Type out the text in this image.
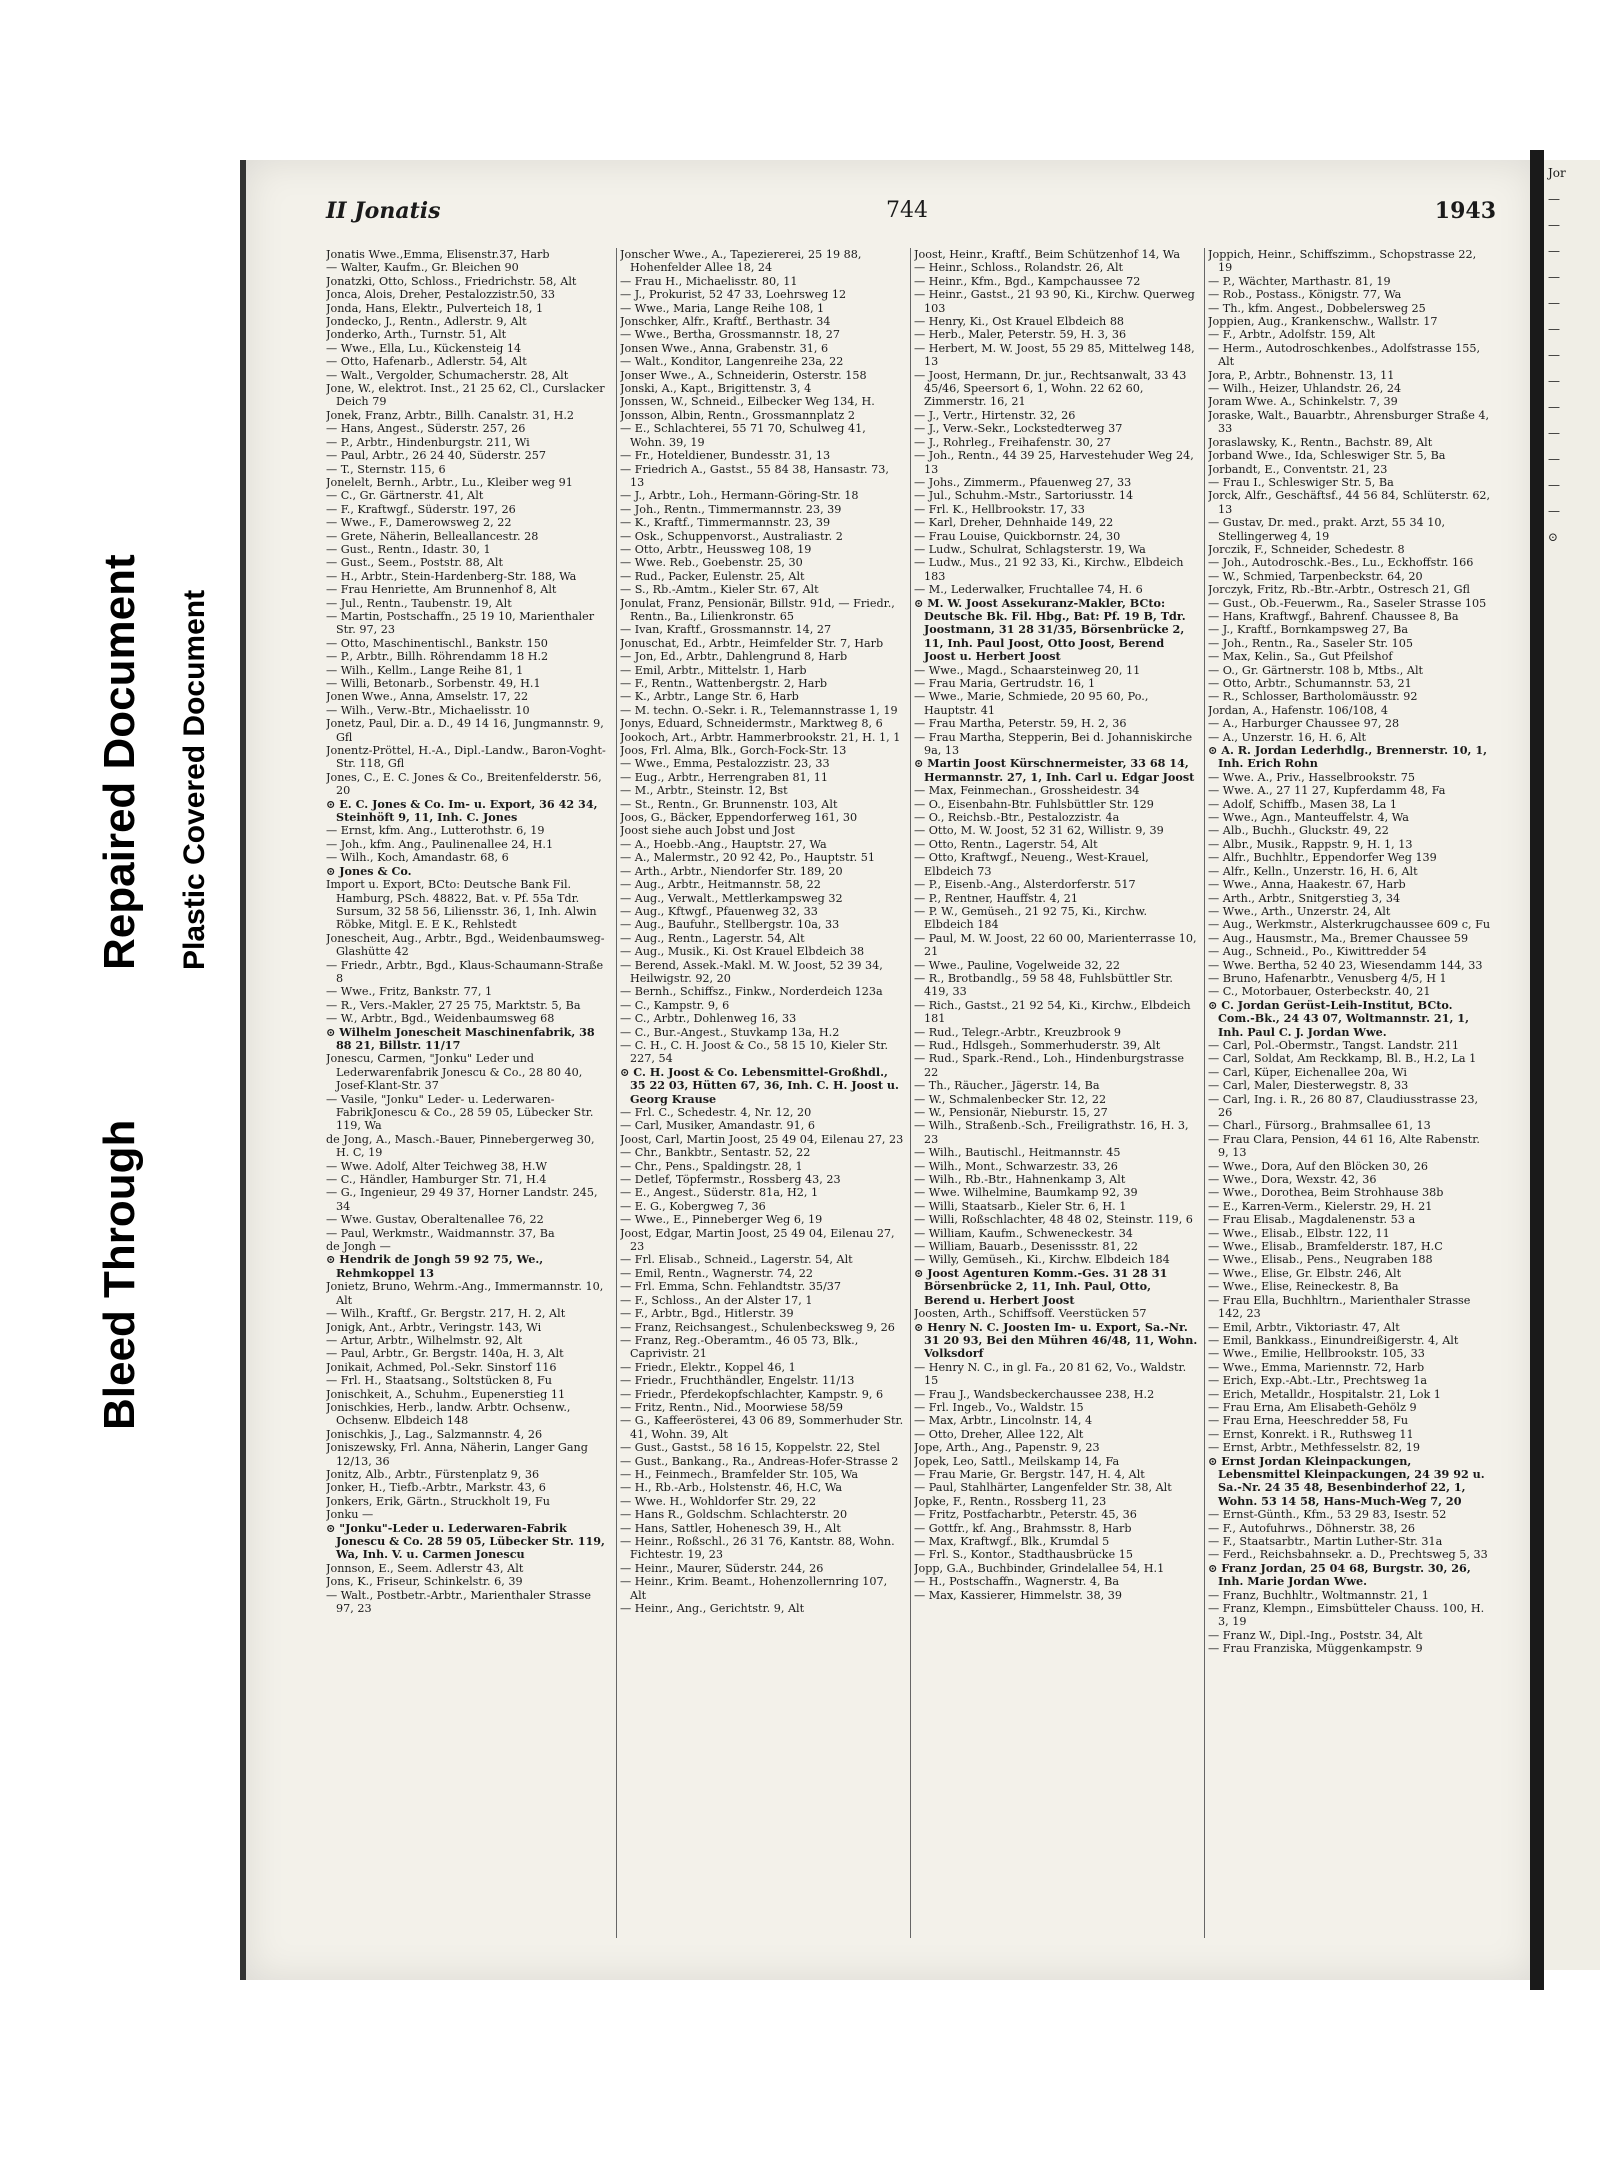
Bleed Through
Repaired Document Plastic Covered Document
II Jonatis	744	1943

Jonatis Wwe.,Emma, Elisenstr.37, Harb

— Walter, Kaufm., Gr. Bleichen 90

Jonatzki, Otto, Schloss., Friedrichstr. 58, Alt

Jonca, Alois, Dreher, Pestalozzistr.50, 33

Jonda, Hans, Elektr., Pulverteich 18, 1

Jondecko, J., Rentn., Adlerstr. 9, Alt

Jonderko, Arth., Turnstr. 51, Alt

— Wwe., Ella, Lu., Kückensteig 14

— Otto, Hafenarb., Adlerstr. 54, Alt

— Walt., Vergolder, Schumacherstr. 28, Alt

Jone, W., elektrot. Inst., 21 25 62, Cl., Curslacker Deich 79

Jonek, Franz, Arbtr., Billh. Canalstr. 31, H.2

— Hans, Angest., Süderstr. 257, 26

— P., Arbtr., Hindenburgstr. 211, Wi

— Paul, Arbtr., 26 24 40, Süderstr. 257

— T., Sternstr. 115, 6

Jonelelt, Bernh., Arbtr., Lu., Kleiber weg 91

— C., Gr. Gärtnerstr. 41, Alt

— F., Kraftwgf., Süderstr. 197, 26

— Wwe., F., Damerowsweg 2, 22

— Grete, Näherin, Belleallancestr. 28

— Gust., Rentn., Idastr. 30, 1

— Gust., Seem., Poststr. 88, Alt

— H., Arbtr., Stein-Hardenberg-Str. 188, Wa

— Frau Henriette, Am Brunnenhof 8, Alt

— Jul., Rentn., Taubenstr. 19, Alt

— Martin, Postschaffn., 25 19 10, Marienthaler Str. 97, 23

— Otto, Maschinentischl., Bankstr. 150

— P., Arbtr., Billh. Röhrendamm 18 H.2

— Wilh., Kellm., Lange Reihe 81, 1

— Willi, Betonarb., Sorbenstr. 49, H.1

Jonen Wwe., Anna, Amselstr. 17, 22

— Wilh., Verw.-Btr., Michaelisstr. 10

Jonetz, Paul, Dir. a. D., 49 14 16, Jungmannstr. 9, Gfl

Jonentz-Pröttel, H.-A., Dipl.-Landw., Baron-Voght-Str. 118, Gfl

Jones, C., E. C. Jones & Co., Breitenfelderstr. 56, 20

⊙ E. C. Jones & Co. Im- u. Export, 36 42 34, Steinhöft 9, 11, Inh. C. Jones

— Ernst, kfm. Ang., Lutterothstr. 6, 19

— Joh., kfm. Ang., Paulinenallee 24, H.1

— Wilh., Koch, Amandastr. 68, 6

⊙ Jones & Co.

Import u. Export, BCto: Deutsche Bank Fil. Hamburg, PSch. 48822, Bat. v. Pf. 55a Tdr. Sursum, 32 58 56, Liliensstr. 36, 1, Inh. Alwin Röbke, Mitgl. E. E K., Rehlstedt

Jonescheit, Aug., Arbtr., Bgd., Weidenbaumsweg-Glashütte 42

— Friedr., Arbtr., Bgd., Klaus-Schaumann-Straße 8

— Wwe., Fritz, Bankstr. 77, 1

— R., Vers.-Makler, 27 25 75, Marktstr. 5, Ba

— W., Arbtr., Bgd., Weidenbaumsweg 68

⊙ Wilhelm Jonescheit Maschinenfabrik, 38 88 21, Billstr. 11/17

Jonescu, Carmen, "Jonku" Leder und Lederwarenfabrik Jonescu & Co., 28 80 40, Josef-Klant-Str. 37

— Vasile, "Jonku" Leder- u. Lederwaren-FabrikJonescu & Co., 28 59 05, Lübecker Str. 119, Wa

de Jong, A., Masch.-Bauer, Pinnebergerweg 30, H. C, 19

— Wwe. Adolf, Alter Teichweg 38, H.W

— C., Händler, Hamburger Str. 71, H.4

— G., Ingenieur, 29 49 37, Horner Landstr. 245, 34

— Wwe. Gustav, Oberaltenallee 76, 22

— Paul, Werkmstr., Waidmannstr. 37, Ba

de Jongh —

⊙ Hendrik de Jongh 59 92 75, We., Rehmkoppel 13

Jonietz, Bruno, Wehrm.-Ang., Immermannstr. 10, Alt

— Wilh., Kraftf., Gr. Bergstr. 217, H. 2, Alt

Jonigk, Ant., Arbtr., Veringstr. 143, Wi

— Artur, Arbtr., Wilhelmstr. 92, Alt

— Paul, Arbtr., Gr. Bergstr. 140a, H. 3, Alt

Jonikait, Achmed, Pol.-Sekr. Sinstorf 116

— Frl. H., Staatsang., Soltstücken 8, Fu

Jonischkeit, A., Schuhm., Eupenerstieg 11

Jonischkies, Herb., landw. Arbtr. Ochsenw., Ochsenw. Elbdeich 148

Jonischkis, J., Lag., Salzmannstr. 4, 26

Joniszewsky, Frl. Anna, Näherin, Langer Gang 12/13, 36

Jonitz, Alb., Arbtr., Fürstenplatz 9, 36

Jonker, H., Tiefb.-Arbtr., Markstr. 43, 6

Jonkers, Erik, Gärtn., Struckholt 19, Fu

Jonku —

⊙ "Jonku"-Leder u. Lederwaren-Fabrik Jonescu & Co. 28 59 05, Lübecker Str. 119, Wa, Inh. V. u. Carmen Jonescu

Jonnson, E., Seem. Adlerstr 43, Alt

Jons, K., Friseur, Schinkelstr. 6, 39

— Walt., Postbetr.-Arbtr., Marienthaler Strasse 97, 23

Jonscher Wwe., A., Tapeziererei, 25 19 88, Hohenfelder Allee 18, 24

— Frau H., Michaelisstr. 80, 11

— J., Prokurist, 52 47 33, Loehrsweg 12

— Wwe., Maria, Lange Reihe 108, 1

Jonschker, Alfr., Kraftf., Berthastr. 34

— Wwe., Bertha, Grossmannstr. 18, 27

Jonsen Wwe., Anna, Grabenstr. 31, 6

— Walt., Konditor, Langenreihe 23a, 22

Jonser Wwe., A., Schneiderin, Osterstr. 158

Jonski, A., Kapt., Brigittenstr. 3, 4

Jonssen, W., Schneid., Eilbecker Weg 134, H.

Jonsson, Albin, Rentn., Grossmannplatz 2

— E., Schlachterei, 55 71 70, Schulweg 41, Wohn. 39, 19

— Fr., Hoteldiener, Bundesstr. 31, 13

— Friedrich A., Gastst., 55 84 38, Hansastr. 73, 13

— J., Arbtr., Loh., Hermann-Göring-Str. 18

— Joh., Rentn., Timmermannstr. 23, 39

— K., Kraftf., Timmermannstr. 23, 39

— Osk., Schuppenvorst., Australiastr. 2

— Otto, Arbtr., Heussweg 108, 19

— Wwe. Reb., Goebenstr. 25, 30

— Rud., Packer, Eulenstr. 25, Alt

— S., Rb.-Amtm., Kieler Str. 67, Alt

Jonulat, Franz, Pensionär, Billstr. 91d, — Friedr., Rentn., Ba., Lilienkronstr. 65

— Ivan, Kraftf., Grossmannstr. 14, 27

Jonuschat, Ed., Arbtr., Heimfelder Str. 7, Harb

— Jon, Ed., Arbtr., Dahlengrund 8, Harb

— Emil, Arbtr., Mittelstr. 1, Harb

— F., Rentn., Wattenbergstr. 2, Harb

— K., Arbtr., Lange Str. 6, Harb

— M. techn. O.-Sekr. i. R., Telemannstrasse 1, 19

Jonys, Eduard, Schneidermstr., Marktweg 8, 6

Jookoch, Art., Arbtr. Hammerbrookstr. 21, H. 1, 1

Joos, Frl. Alma, Blk., Gorch-Fock-Str. 13

— Wwe., Emma, Pestalozzistr. 23, 33

— Eug., Arbtr., Herrengraben 81, 11

— M., Arbtr., Steinstr. 12, Bst

— St., Rentn., Gr. Brunnenstr. 103, Alt

Joos, G., Bäcker, Eppendorferweg 161, 30

Joost siehe auch Jobst und Jost

— A., Hoebb.-Ang., Hauptstr. 27, Wa

— A., Malermstr., 20 92 42, Po., Hauptstr. 51

— Arth., Arbtr., Niendorfer Str. 189, 20

— Aug., Arbtr., Heitmannstr. 58, 22

— Aug., Verwalt., Mettlerkampsweg 32

— Aug., Kftwgf., Pfauenweg 32, 33

— Aug., Baufuhr., Stellbergstr. 10a, 33

— Aug., Rentn., Lagerstr. 54, Alt

— Aug., Musik., Ki. Ost Krauel Elbdeich 38

— Berend, Assek.-Makl. M. W. Joost, 52 39 34, Heilwigstr. 92, 20

— Bernh., Schiffsz., Finkw., Norderdeich 123a

— C., Kampstr. 9, 6

— C., Arbtr., Dohlenweg 16, 33

— C., Bur.-Angest., Stuvkamp 13a, H.2

— C. H., C. H. Joost & Co., 58 15 10, Kieler Str. 227, 54

⊙ C. H. Joost & Co. Lebensmittel-Großhdl., 35 22 03, Hütten 67, 36, Inh. C. H. Joost u. Georg Krause

— Frl. C., Schedestr. 4, Nr. 12, 20

— Carl, Musiker, Amandastr. 91, 6

Joost, Carl, Martin Joost, 25 49 04, Eilenau 27, 23

— Chr., Bankbtr., Sentastr. 52, 22

— Chr., Pens., Spaldingstr. 28, 1

— Detlef, Töpfermstr., Rossberg 43, 23

— E., Angest., Süderstr. 81a, H2, 1

— E. G., Kobergweg 7, 36

— Wwe., E., Pinneberger Weg 6, 19

Joost, Edgar, Martin Joost, 25 49 04, Eilenau 27, 23

— Frl. Elisab., Schneid., Lagerstr. 54, Alt

— Emil, Rentn., Wagnerstr. 74, 22

— Frl. Emma, Schn. Fehlandtstr. 35/37

— F., Schloss., An der Alster 17, 1

— F., Arbtr., Bgd., Hitlerstr. 39

— Franz, Reichsangest., Schulenbecksweg 9, 26

— Franz, Reg.-Oberamtm., 46 05 73, Blk., Caprivistr. 21

— Friedr., Elektr., Koppel 46, 1

— Friedr., Fruchthändler, Engelstr. 11/13

— Friedr., Pferdekopfschlachter, Kampstr. 9, 6

— Fritz, Rentn., Nid., Moorwiese 58/59

— G., Kaffeerösterei, 43 06 89, Sommerhuder Str. 41, Wohn. 39, Alt

— Gust., Gastst., 58 16 15, Koppelstr. 22, Stel

— Gust., Bankang., Ra., Andreas-Hofer-Strasse 2

— H., Feinmech., Bramfelder Str. 105, Wa

— H., Rb.-Arb., Holstenstr. 46, H.C, Wa

— Wwe. H., Wohldorfer Str. 29, 22

— Hans R., Goldschm. Schlachterstr. 20

— Hans, Sattler, Hohenesch 39, H., Alt

— Heinr., Roßschl., 26 31 76, Kantstr. 88, Wohn. Fichtestr. 19, 23

— Heinr., Maurer, Süderstr. 244, 26

— Heinr., Krim. Beamt., Hohenzollernring 107, Alt

— Heinr., Ang., Gerichtstr. 9, Alt

Joost, Heinr., Kraftf., Beim Schützenhof 14, Wa

— Heinr., Schloss., Rolandstr. 26, Alt

— Heinr., Kfm., Bgd., Kampchaussee 72

— Heinr., Gastst., 21 93 90, Ki., Kirchw. Querweg 103

— Henry, Ki., Ost Krauel Elbdeich 88

— Herb., Maler, Peterstr. 59, H. 3, 36

— Herbert, M. W. Joost, 55 29 85, Mittelweg 148, 13

— Joost, Hermann, Dr. jur., Rechtsanwalt, 33 43 45/46, Speersort 6, 1, Wohn. 22 62 60, Zimmerstr. 16, 21

— J., Vertr., Hirtenstr. 32, 26

— J., Verw.-Sekr., Lockstedterweg 37

— J., Rohrleg., Freihafenstr. 30, 27

— Joh., Rentn., 44 39 25, Harvestehuder Weg 24, 13

— Johs., Zimmerm., Pfauenweg 27, 33

— Jul., Schuhm.-Mstr., Sartoriusstr. 14

— Frl. K., Hellbrookstr. 17, 33

— Karl, Dreher, Dehnhaide 149, 22

— Frau Louise, Quickbornstr. 24, 30

— Ludw., Schulrat, Schlagsterstr. 19, Wa

— Ludw., Mus., 21 92 33, Ki., Kirchw., Elbdeich 183

— M., Lederwalker, Fruchtallee 74, H. 6

⊙ M. W. Joost Assekuranz-Makler, BCto: Deutsche Bk. Fil. Hbg., Bat: Pf. 19 B, Tdr. Joostmann, 31 28 31/35, Börsenbrücke 2, 11, Inh. Paul Joost, Otto Joost, Berend Joost u. Herbert Joost

— Wwe., Magd., Schaarsteinweg 20, 11

— Frau Maria, Gertrudstr. 16, 1

— Wwe., Marie, Schmiede, 20 95 60, Po., Hauptstr. 41

— Frau Martha, Peterstr. 59, H. 2, 36

— Frau Martha, Stepperin, Bei d. Johanniskirche 9a, 13

⊙ Martin Joost Kürschnermeister, 33 68 14, Hermannstr. 27, 1, Inh. Carl u. Edgar Joost

— Max, Feinmechan., Grossheidestr. 34

— O., Eisenbahn-Btr. Fuhlsbüttler Str. 129

— O., Reichsb.-Btr., Pestalozzistr. 4a

— Otto, M. W. Joost, 52 31 62, Willistr. 9, 39

— Otto, Rentn., Lagerstr. 54, Alt

— Otto, Kraftwgf., Neueng., West-Krauel, Elbdeich 73

— P., Eisenb.-Ang., Alsterdorferstr. 517

— P., Rentner, Hauffstr. 4, 21

— P. W., Gemüseh., 21 92 75, Ki., Kirchw. Elbdeich 184

— Paul, M. W. Joost, 22 60 00, Marienterrasse 10, 21

— Wwe., Pauline, Vogelweide 32, 22

— R., Brotbandlg., 59 58 48, Fuhlsbüttler Str. 419, 33

— Rich., Gastst., 21 92 54, Ki., Kirchw., Elbdeich 181

— Rud., Telegr.-Arbtr., Kreuzbrook 9

— Rud., Hdlsgeh., Sommerhuderstr. 39, Alt

— Rud., Spark.-Rend., Loh., Hindenburgstrasse 22

— Th., Räucher., Jägerstr. 14, Ba

— W., Schmalenbecker Str. 12, 22

— W., Pensionär, Nieburstr. 15, 27

— Wilh., Straßenb.-Sch., Freiligrathstr. 16, H. 3, 23

— Wilh., Bautischl., Heitmannstr. 45

— Wilh., Mont., Schwarzestr. 33, 26

— Wilh., Rb.-Btr., Hahnenkamp 3, Alt

— Wwe. Wilhelmine, Baumkamp 92, 39

— Willi, Staatsarb., Kieler Str. 6, H. 1

— Willi, Roßschlachter, 48 48 02, Steinstr. 119, 6

— William, Kaufm., Schweneckestr. 34

— William, Bauarb., Desenissstr. 81, 22

— Willy, Gemüseh., Ki., Kirchw. Elbdeich 184

⊙ Joost Agenturen Komm.-Ges. 31 28 31 Börsenbrücke 2, 11, Inh. Paul, Otto, Berend u. Herbert Joost

Joosten, Arth., Schiffsoff. Veerstücken 57

⊙ Henry N. C. Joosten Im- u. Export, Sa.-Nr. 31 20 93, Bei den Mühren 46/48, 11, Wohn. Volksdorf

— Henry N. C., in gl. Fa., 20 81 62, Vo., Waldstr. 15

— Frau J., Wandsbeckerchaussee 238, H.2

— Frl. Ingeb., Vo., Waldstr. 15

— Max, Arbtr., Lincolnstr. 14, 4

— Otto, Dreher, Allee 122, Alt

Jope, Arth., Ang., Papenstr. 9, 23

Jopek, Leo, Sattl., Meilskamp 14, Fa

— Frau Marie, Gr. Bergstr. 147, H. 4, Alt

— Paul, Stahlhärter, Langenfelder Str. 38, Alt

Jopke, F., Rentn., Rossberg 11, 23

— Fritz, Postfacharbtr., Peterstr. 45, 36

— Gottfr., kf. Ang., Brahmsstr. 8, Harb

— Max, Kraftwgf., Blk., Krumdal 5

— Frl. S., Kontor., Stadthausbrücke 15

Jopp, G.A., Buchbinder, Grindelallee 54, H.1

— H., Postschaffn., Wagnerstr. 4, Ba

— Max, Kassierer, Himmelstr. 38, 39

Joppich, Heinr., Schiffszimm., Schopstrasse 22, 19

— P., Wächter, Marthastr. 81, 19

— Rob., Postass., Königstr. 77, Wa

— Th., kfm. Angest., Dobbelersweg 25

Joppien, Aug., Krankenschw., Wallstr. 17

— F., Arbtr., Adolfstr. 159, Alt

— Herm., Autodroschkenbes., Adolfstrasse 155, Alt

Jora, P., Arbtr., Bohnenstr. 13, 11

— Wilh., Heizer, Uhlandstr. 26, 24

Joram Wwe. A., Schinkelstr. 7, 39

Joraske, Walt., Bauarbtr., Ahrensburger Straße 4, 33

Joraslawsky, K., Rentn., Bachstr. 89, Alt

Jorband Wwe., Ida, Schleswiger Str. 5, Ba

Jorbandt, E., Conventstr. 21, 23

— Frau I., Schleswiger Str. 5, Ba

Jorck, Alfr., Geschäftsf., 44 56 84, Schlüterstr. 62, 13

— Gustav, Dr. med., prakt. Arzt, 55 34 10, Stellingerweg 4, 19

Jorczik, F., Schneider, Schedestr. 8

— Joh., Autodroschk.-Bes., Lu., Eckhoffstr. 166

— W., Schmied, Tarpenbeckstr. 64, 20

Jorczyk, Fritz, Rb.-Btr.-Arbtr., Ostresch 21, Gfl

— Gust., Ob.-Feuerwm., Ra., Saseler Strasse 105

— Hans, Kraftwgf., Bahrenf. Chaussee 8, Ba

— J., Kraftf., Bornkampsweg 27, Ba

— Joh., Rentn., Ra., Saseler Str. 105

— Max, Kelin., Sa., Gut Pfeilshof

— O., Gr. Gärtnerstr. 108 b, Mtbs., Alt

— Otto, Arbtr., Schumannstr. 53, 21

— R., Schlosser, Bartholomäusstr. 92

Jordan, A., Hafenstr. 106/108, 4

— A., Harburger Chaussee 97, 28

— A., Unzerstr. 16, H. 6, Alt

⊙ A. R. Jordan Lederhdlg., Brennerstr. 10, 1, Inh. Erich Rohn

— Wwe. A., Priv., Hasselbrookstr. 75

— Wwe. A., 27 11 27, Kupferdamm 48, Fa

— Adolf, Schiffb., Masen 38, La 1

— Wwe., Agn., Manteuffelstr. 4, Wa

— Alb., Buchh., Gluckstr. 49, 22

— Albr., Musik., Rappstr. 9, H. 1, 13

— Alfr., Buchhltr., Eppendorfer Weg 139

— Alfr., Kelln., Unzerstr. 16, H. 6, Alt

— Wwe., Anna, Haakestr. 67, Harb

— Arth., Arbtr., Snitgerstieg 3, 34

— Wwe., Arth., Unzerstr. 24, Alt

— Aug., Werkmstr., Alsterkrugchaussee 609 c, Fu

— Aug., Hausmstr., Ma., Bremer Chaussee 59

— Aug., Schneid., Po., Kiwittredder 54

— Wwe. Bertha, 52 40 23, Wiesendamm 144, 33

— Bruno, Hafenarbtr., Venusberg 4/5, H 1

— C., Motorbauer, Osterbeckstr. 40, 21

⊙ C. Jordan Gerüst-Leih-Institut, BCto. Com.-Bk., 24 43 07, Woltmannstr. 21, 1, Inh. Paul C. J. Jordan Wwe.

— Carl, Pol.-Obermstr., Tangst. Landstr. 211

— Carl, Soldat, Am Reckkamp, Bl. B., H.2, La 1

— Carl, Küper, Eichenallee 20a, Wi

— Carl, Maler, Diesterwegstr. 8, 33

— Carl, Ing. i. R., 26 80 87, Claudiusstrasse 23, 26

— Charl., Fürsorg., Brahmsallee 61, 13

— Frau Clara, Pension, 44 61 16, Alte Rabenstr. 9, 13

— Wwe., Dora, Auf den Blöcken 30, 26

— Wwe., Dora, Wexstr. 42, 36

— Wwe., Dorothea, Beim Strohhause 38b

— E., Karren-Verm., Kielerstr. 29, H. 21

— Frau Elisab., Magdalenenstr. 53 a

— Wwe., Elisab., Elbstr. 122, 11

— Wwe., Elisab., Bramfelderstr. 187, H.C

— Wwe., Elisab., Pens., Neugraben 188

— Wwe., Elise, Gr. Elbstr. 246, Alt

— Wwe., Elise, Reineckestr. 8, Ba

— Frau Ella, Buchhltrn., Marienthaler Strasse 142, 23

— Emil, Arbtr., Viktoriastr. 47, Alt

— Emil, Bankkass., Einundreißigerstr. 4, Alt

— Wwe., Emilie, Hellbrookstr. 105, 33

— Wwe., Emma, Mariennstr. 72, Harb

— Erich, Exp.-Abt.-Ltr., Prechtsweg 1a

— Erich, Metalldr., Hospitalstr. 21, Lok 1

— Frau Erna, Am Elisabeth-Gehölz 9

— Frau Erna, Heeschredder 58, Fu

— Ernst, Konrekt. i R., Ruthsweg 11

— Ernst, Arbtr., Methfesselstr. 82, 19

⊙ Ernst Jordan Kleinpackungen, Lebensmittel Kleinpackungen, 24 39 92 u. Sa.-Nr. 24 35 48, Besenbinderhof 22, 1, Wohn. 53 14 58, Hans-Much-Weg 7, 20

— Ernst-Günth., Kfm., 53 29 83, Isestr. 52

— F., Autofuhrws., Döhnerstr. 38, 26

— F., Staatsarbtr., Martin Luther-Str. 31a

— Ferd., Reichsbahnsekr. a. D., Prechtsweg 5, 33

⊙ Franz Jordan, 25 04 68, Burgstr. 30, 26, Inh. Marie Jordan Wwe.

— Franz, Buchhltr., Woltmannstr. 21, 1

— Franz, Klempn., Eimsbütteler Chauss. 100, H. 3, 19

— Franz W., Dipl.-Ing., Poststr. 34, Alt

— Frau Franziska, Müggenkampstr. 9

Jor
—
—
—
—
—
—
—
—
—
—
—
—
—
⊙
